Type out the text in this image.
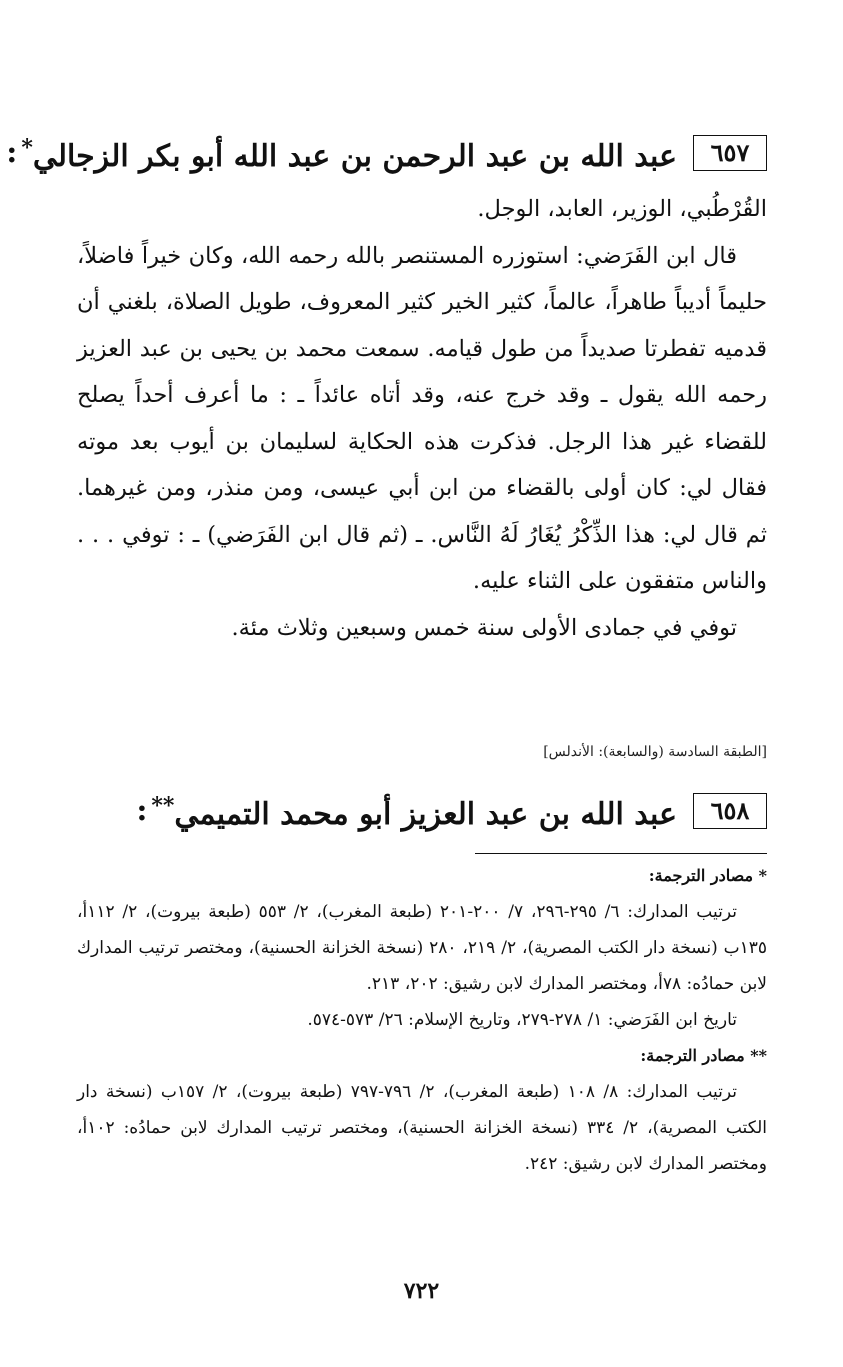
٦٥٧
عبد الله بن عبد الرحمن بن عبد الله أبو بكر الزجالي*
:

القُرْطُبي، الوزير، العابد، الوجل.

قال ابن الفَرَضي: استوزره المستنصر بالله رحمه الله، وكان خيراً فاضلاً، حليماً أديباً طاهراً، عالماً، كثير الخير كثير المعروف، طويل الصلاة، بلغني أن قدميه تفطرتا صديداً من طول قيامه. سمعت محمد بن يحيى بن عبد العزيز رحمه الله يقول ـ وقد خرج عنه، وقد أتاه عائداً ـ : ما أعرف أحداً يصلح للقضاء غير هذا الرجل. فذكرت هذه الحكاية لسليمان بن أيوب بعد موته فقال لي: كان أولى بالقضاء من ابن أبي عيسى، ومن منذر، ومن غيرهما. ثم قال لي: هذا الذِّكْرُ يُغَارُ لَهُ النَّاس. ـ (ثم قال ابن الفَرَضي) ـ : توفي . . . والناس متفقون على الثناء عليه.

توفي في جمادى الأولى سنة خمس وسبعين وثلاث مئة.

[الطبقة السادسة (والسابعة): الأندلس]
٦٥٨
عبد الله بن عبد العزيز أبو محمد التميمي**
:

* مصادر الترجمة:

ترتيب المدارك: ٦/ ٢٩٥-٢٩٦، ٧/ ٢٠٠-٢٠١ (طبعة المغرب)، ٢/ ٥٥٣ (طبعة بيروت)، ٢/ ١١٢أ، ١٣٥ب (نسخة دار الكتب المصرية)، ٢/ ٢١٩، ٢٨٠ (نسخة الخزانة الحسنية)، ومختصر ترتيب المدارك لابن حمادُه: ٧٨أ، ومختصر المدارك لابن رشيق: ٢٠٢، ٢١٣.

تاريخ ابن الفَرَضي: ١/ ٢٧٨-٢٧٩، وتاريخ الإسلام: ٢٦/ ٥٧٣-٥٧٤.

** مصادر الترجمة:

ترتيب المدارك: ٨/ ١٠٨ (طبعة المغرب)، ٢/ ٧٩٦-٧٩٧ (طبعة بيروت)، ٢/ ١٥٧ب (نسخة دار الكتب المصرية)، ٢/ ٣٣٤ (نسخة الخزانة الحسنية)، ومختصر ترتيب المدارك لابن حمادُه: ١٠٢أ، ومختصر المدارك لابن رشيق: ٢٤٢.

٧٢٢
